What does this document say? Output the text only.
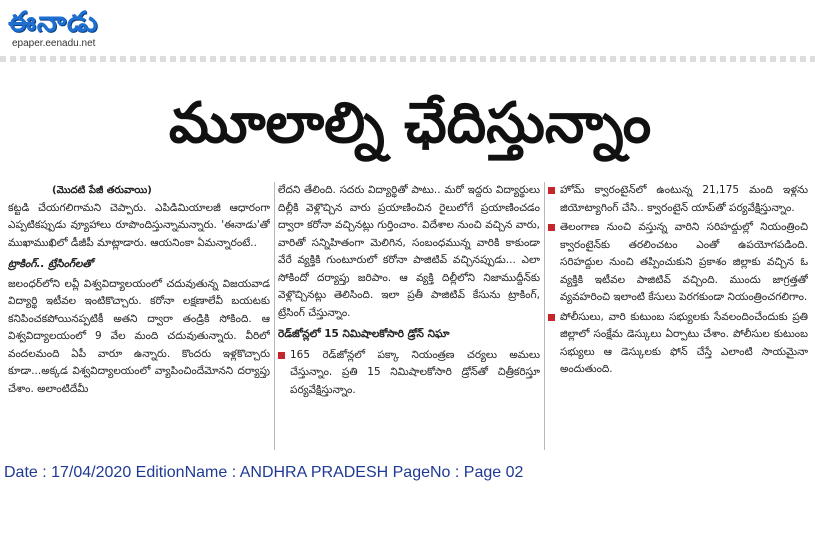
ఈనాడు
epaper.eenadu.net
మూలాల్ని ఛేదిస్తున్నాం
(మొదటి పేజీ తరువాయి)

కట్టడి చేయగలిగామని చెప్పారు. ఎపిడిమియాలజీ ఆధారంగా ఎప్పటికప్పుడు వ్యూహాలు రూపొందిస్తున్నామన్నారు. 'ఈనాడు'తో ముఖాముఖిలో డీజీపీ మాట్లాడారు. ఆయనింకా ఏమన్నారంటే..

ట్రాకింగ్.. ట్రేసింగ్‌లతో

జలంధర్‌లోని లవ్లీ విశ్వవిద్యాలయంలో చదువుతున్న విజయవాడ విద్యార్థి ఇటీవల ఇంటికొచ్చారు. కరోనా లక్షణాలేవీ బయటకు కనిపించకపోయినప్పటికీ అతని ద్వారా తండ్రికి సోకింది. ఆ విశ్వవిద్యాలయంలో 9 వేల మంది చదువుతున్నారు. వీరిలో వందలమంది ఏపీ వారూ ఉన్నారు. కొందరు ఇళ్లకొచ్చారు కూడా...అక్కడ విశ్వవిద్యాలయంలో వ్యాపించిందేమోనని దర్యాప్తు చేశాం. అలాంటిదేమీ

లేదని తేలింది. సదరు విద్యార్థితో పాటు.. మరో ఇద్దరు విద్యార్థులు దిల్లీకి వెళ్లొచ్చిన వారు ప్రయాణించిన రైలులోగే ప్రయాణించడం ద్వారా కరోనా వచ్చినట్లు గుర్తించాం. విదేశాల నుంచి వచ్చిన వారు, వారితో సన్నిహితంగా మెలిగిన, సంబంధమున్న వారికి కాకుండా వేరే వ్యక్తికి గుంటూరులో కరోనా పాజిటివ్ వచ్చినప్పుడు... ఎలా సోకిందో దర్యాప్తు జరిపాం. ఆ వ్యక్తి దిల్లీలోని నిజాముద్దీన్‌కు వెళ్లొచ్చినట్లు తెలిసింది. ఇలా ప్రతీ పాజిటివ్ కేసును ట్రాకింగ్, ట్రేసింగ్ చేస్తున్నాం.

రెడ్‌జోన్లలో 15 నిమిషాలకోసారి డ్రోన్ నిఘా
165 రెడ్‌జోన్లలో పక్కా నియంత్రణ చర్యలు అమలు చేస్తున్నాం. ప్రతి 15 నిమిషాలకోసారి డ్రోన్‌తో చిత్రీకరిస్తూ పర్యవేక్షిస్తున్నాం.
హోమ్ క్వారంటైన్‌లో ఉంటున్న 21,175 మంది ఇళ్లను జియోట్యాగింగ్ చేసి.. క్వారంటైన్ యాప్‌తో పర్యవేక్షిస్తున్నాం.
తెలంగాణ నుంచి వస్తున్న వారిని సరిహద్దుల్లో నియంత్రించి క్వారంటైన్‌కు తరలించటం ఎంతో ఉపయోగపడింది. సరిహద్దుల నుంచి తప్పించుకుని ప్రకాశం జిల్లాకు వచ్చిన ఓ వ్యక్తికి ఇటీవల పాజిటివ్ వచ్చింది. ముందు జాగ్రత్తతో వ్యవహరించి ఇలాంటి కేసులు పెరగకుండా నియంత్రించగలిగాం.
పోలీసులు, వారి కుటుంబ సభ్యులకు సేవలందించేందుకు ప్రతి జిల్లాలో సంక్షేమ డెస్కులు ఏర్పాటు చేశాం. పోలీసుల కుటుంబ సభ్యులు ఆ డెస్కులకు ఫోన్ చేస్తే ఎలాంటి సాయమైనా అందుతుంది.
Date : 17/04/2020 EditionName : ANDHRA PRADESH PageNo : Page 02
